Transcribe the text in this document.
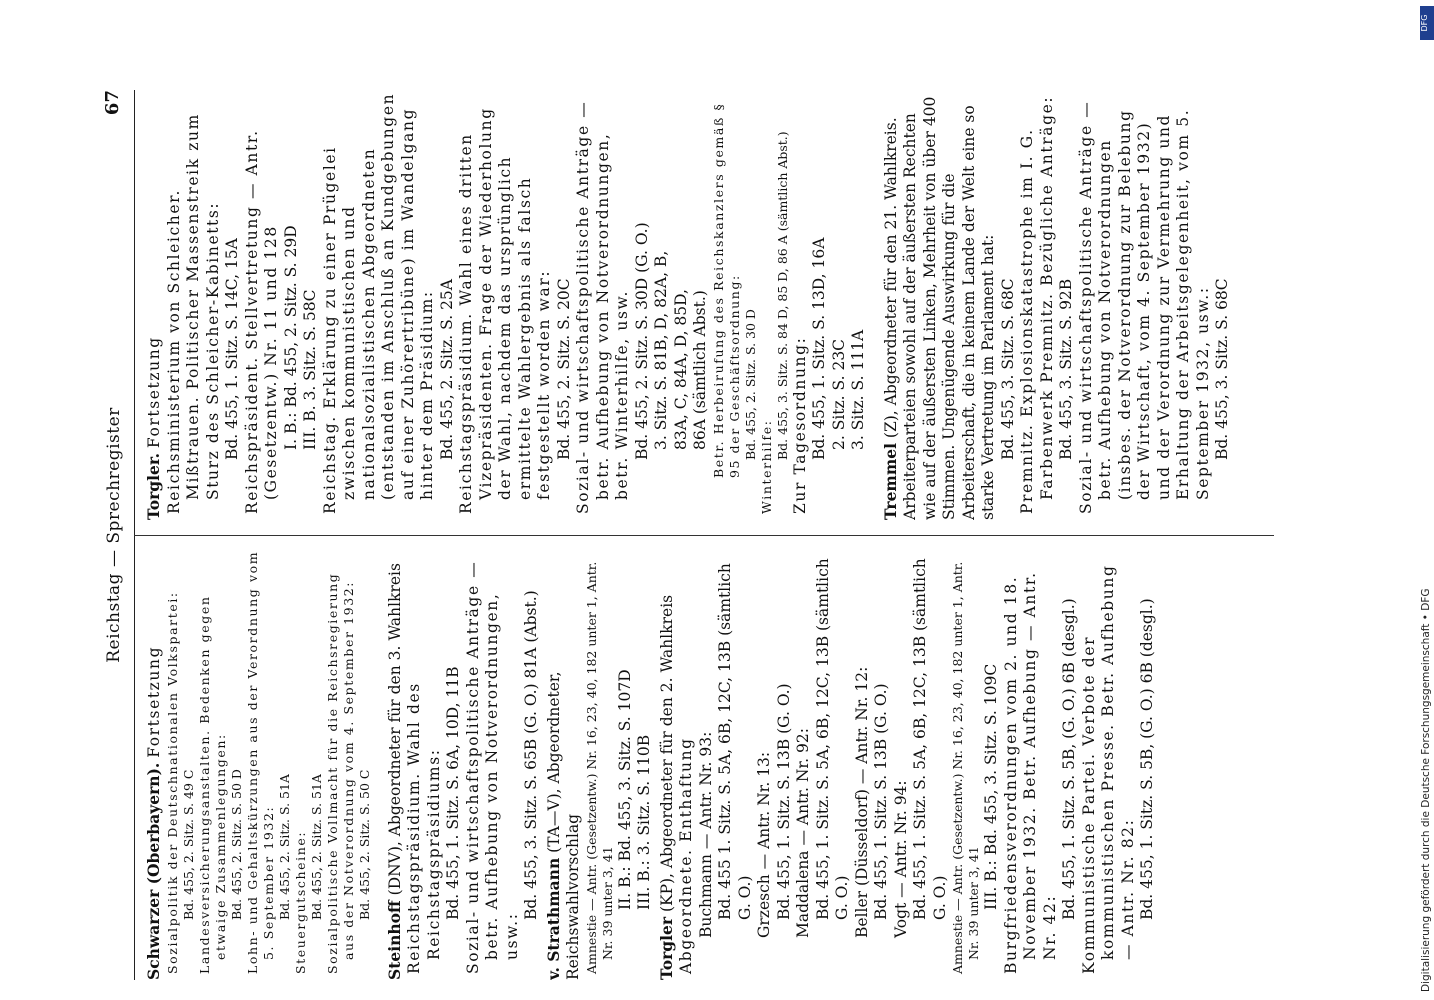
Reichstag — Sprechregister
67
Schwarzer (Oberbayern). Fortsetzung Sozialpolitik der Deutschnationalen Volkspartei: Bd. 455, 2. Sitz. S. 49 C Landesversicherungsanstalten. Bedenken gegen etwaige Zusammenlegungen: Bd. 455, 2. Sitz. S. 50 D Lohn- und Gehaltskürzungen aus der Verordnung vom 5. September 1932: Bd. 455, 2. Sitz. S. 51A Steuergutscheine: Bd. 455, 2. Sitz. S. 51A Sozialpolitische Vollmacht für die Reichsregierung aus der Notverordnung vom 4. September 1932: Bd. 455, 2. Sitz. S. 50 C
Steinhoff (DNV), Abgeordneter für den 3. Wahlkreis Reichstagspräsidium. Wahl des Reichstagspräsidiums: Bd. 455, 1. Sitz. S. 6A, 10D, 11B Sozial- und wirtschaftspolitische Anträge — betr. Aufhebung von Notverordnungen, usw.:
Bd. 455, 3. Sitz. S. 65B (G. O.) 81A (Abst.) v. Strathmann (TA—V), Abgeordneter, Reichswahlvorschlag Amnestie — Antr. (Gesetzentw.) Nr. 16, 23, 40, 182 unter 1, Antr. Nr. 39 unter 3, 41 II. B.: Bd. 455, 3. Sitz. S. 107D III. B.: 3. Sitz. S. 110B
Torgler (KP), Abgeordneter für den 2. Wahlkreis Abgeordnete. Enthaftung Buchmann — Antr. Nr. 93: Bd. 455 1. Sitz. S. 5A, 6B, 12C, 13B (sämtlich G. O.) Grzesch — Antr. Nr. 13: Bd. 455, 1. Sitz. S. 13B (G. O.) Maddalena — Antr. Nr. 92: Bd. 455, 1. Sitz. S. 5A, 6B, 12C, 13B (sämtlich G. O.) Beller (Düsseldorf) — Antr. Nr. 12: Bd. 455, 1. Sitz. S. 13B (G. O.) Vogt — Antr. Nr. 94: Bd. 455, 1. Sitz. S. 5A, 6B, 12C, 13B (sämtlich G. O.) Amnestie — Antr. (Gesetzentw.) Nr. 16, 23, 40, 182 unter 1, Antr. Nr. 39 unter 3, 41 III. B.: Bd. 455, 3. Sitz. S. 109C Burgfriedensverordnungen vom 2. und 18. November 1932. Betr. Aufhebung — Antr. Nr. 42:
Bd. 455, 1. Sitz. S. 5B, (G. O.) 6B (desgl.) Kommunistische Partei. Verbote der kommunistischen Presse. Betr. Aufhebung — Antr. Nr. 82: Bd. 455, 1. Sitz. S. 5B, (G. O.) 6B (desgl.)
Torgler. Fortsetzung Reichsministerium von Schleicher. Mißtrauen. Politischer Massenstreik zum Sturz des Schleicher-Kabinetts: Bd. 455, 1. Sitz. S. 14C, 15A Reichspräsident. Stellvertretung — Antr. (Gesetzentw.) Nr. 11 und 128 I. B.: Bd. 455, 2. Sitz. S. 29D III. B. 3. Sitz. S. 58C Reichstag. Erklärung zu einer Prügelei zwischen kommunistischen und nationalsozialistischen Abgeordneten (entstanden im Anschluß an Kundgebungen auf einer Zuhörertribüne) im Wandelgang hinter dem Präsidium: Bd. 455, 2. Sitz. S. 25A Reichstagspräsidium. Wahl eines dritten Vizepräsidenten. Frage der Wiederholung der Wahl, nachdem das ursprünglich ermittelte Wahlergebnis als falsch festgestellt worden war: Bd. 455, 2. Sitz. S. 20C Sozial- und wirtschaftspolitische Anträge — betr. Aufhebung von Notverordnungen, betr. Winterhilfe, usw. Bd. 455, 2. Sitz. S. 30D (G. O.) 3. Sitz. S. 81B, D, 82A, B, 83A, C, 84A, D, 85D, 86A (sämtlich Abst.) Betr. Herbeirufung des Reichskanzlers gemäß § 95 der Geschäftsordnung: Bd. 455, 2. Sitz. S. 30 D
Winterhilfe:
Bd. 455, 3. Sitz. S. 84 D, 85 D, 86 A (sämtlich Abst.) Zur Tagesordnung: Bd. 455, 1. Sitz. S. 13D, 16A 2. Sitz. S. 23C 3. Sitz. S. 111A
Tremmel (Z), Abgeordneter für den 21. Wahlkreis. Arbeiterparteien sowohl auf der äußersten Rechten wie auf der äußersten Linken, Mehrheit von über 400 Stimmen. Ungenügende Auswirkung für die Arbeiterschaft, die in keinem Lande der Welt eine so starke Vertretung im Parlament hat: Bd. 455, 3. Sitz. S. 68C Premnitz. Explosionskatastrophe im I. G. Farbenwerk Premnitz. Bezügliche Anträge: Bd. 455, 3. Sitz. S. 92B Sozial- und wirtschaftspolitische Anträge — betr. Aufhebung von Notverordnungen (insbes. der Notverordnung zur Belebung der Wirtschaft, vom 4. September 1932) und der Verordnung zur Vermehrung und Erhaltung der Arbeitsgelegenheit, vom 5. September 1932, usw.: Bd. 455, 3. Sitz. S. 68C
DFG
Digitalisierung gefördert durch die Deutsche Forschungsgemeinschaft • DFG
